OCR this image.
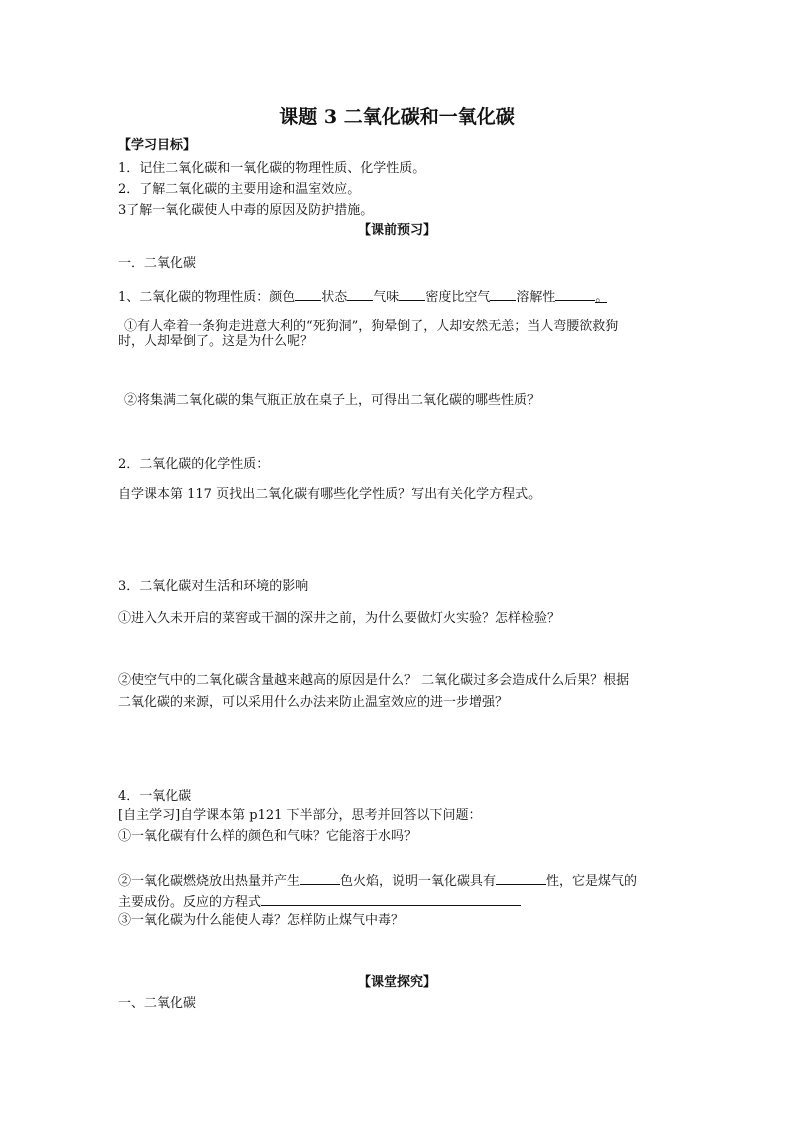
课题 3 二氧化碳和一氧化碳
【学习目标】
1．记住二氧化碳和一氧化碳的物理性质、化学性质。
2．了解二氧化碳的主要用途和温室效应。
3了解一氧化碳使人中毒的原因及防护措施。
【课前预习】
一．二氧化碳
1、二氧化碳的物理性质：颜色 状态 气味 密度比空气 溶解性	。
①有人牵着一条狗走进意大利的“死狗洞”，狗晕倒了，人却安然无恙；当人弯腰欲救狗
时，人却晕倒了。这是为什么呢？
②将集满二氧化碳的集气瓶正放在桌子上，可得出二氧化碳的哪些性质？
2．二氧化碳的化学性质：
自学课本第 117 页找出二氧化碳有哪些化学性质？写出有关化学方程式。
3．二氧化碳对生活和环境的影响
①进入久未开启的菜窖或干涸的深井之前，为什么要做灯火实验？怎样检验？
②使空气中的二氧化碳含量越来越高的原因是什么？ 二氧化碳过多会造成什么后果？根据
二氧化碳的来源，可以采用什么办法来防止温室效应的进一步增强？
4．一氧化碳
[自主学习]自学课本第 p121 下半部分，思考并回答以下问题：
①一氧化碳有什么样的颜色和气味？它能溶于水吗？
②一氧化碳燃烧放出热量并产生	色火焰，说明一氧化碳具有	性，它是煤气的
主要成份。反应的方程式
③一氧化碳为什么能使人毒？怎样防止煤气中毒？
【课堂探究】
一、二氧化碳
